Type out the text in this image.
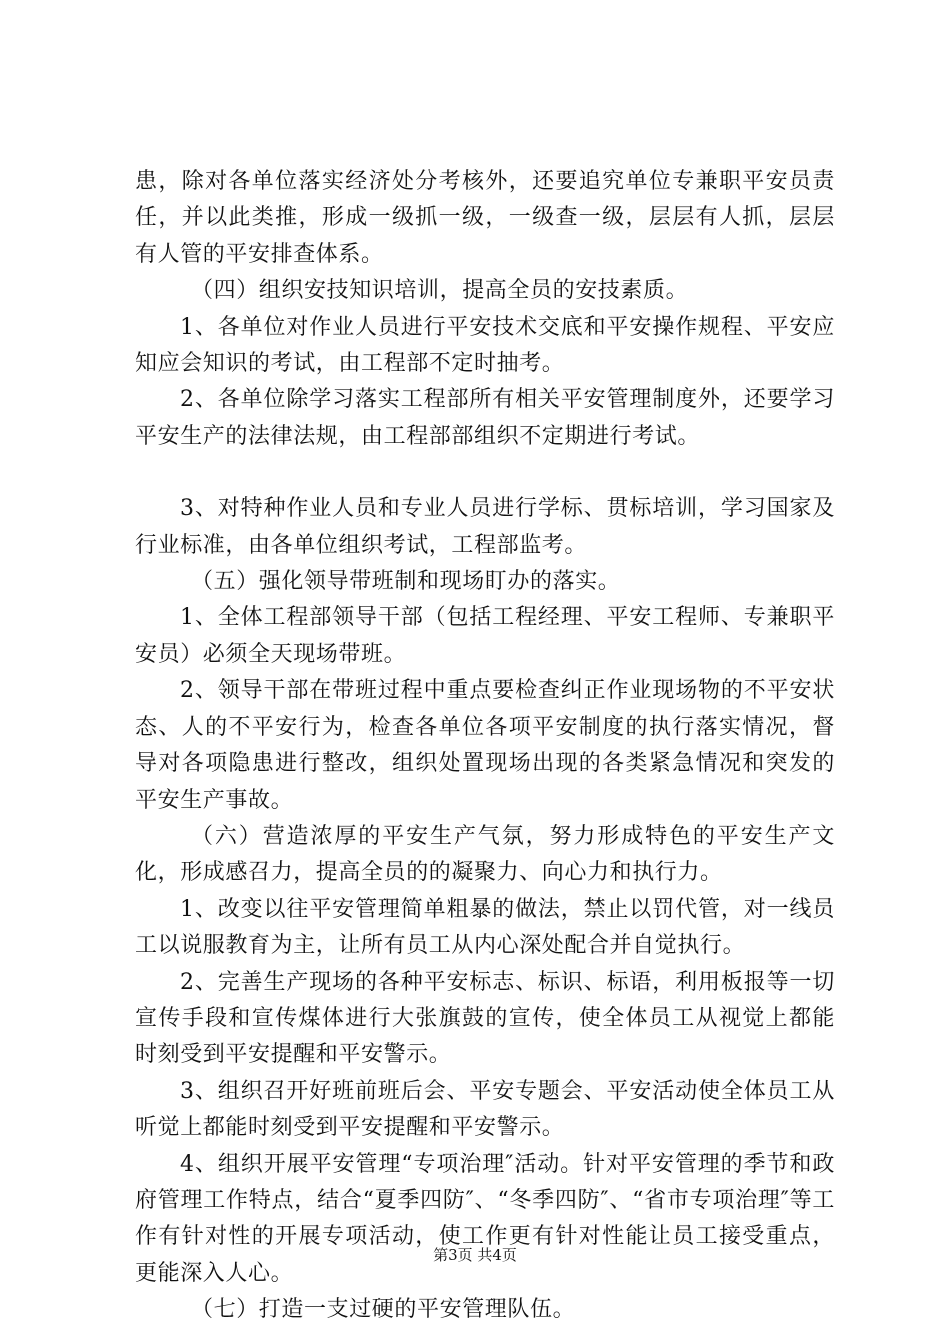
患，除对各单位落实经济处分考核外，还要追究单位专兼职平安员责任，并以此类推，形成一级抓一级，一级查一级，层层有人抓，层层有人管的平安排查体系。

（四）组织安技知识培训，提高全员的安技素质。

1、各单位对作业人员进行平安技术交底和平安操作规程、平安应知应会知识的考试，由工程部不定时抽考。

2、各单位除学习落实工程部所有相关平安管理制度外，还要学习平安生产的法律法规，由工程部部组织不定期进行考试。

3、对特种作业人员和专业人员进行学标、贯标培训，学习国家及行业标准，由各单位组织考试，工程部监考。

（五）强化领导带班制和现场盯办的落实。

1、全体工程部领导干部（包括工程经理、平安工程师、专兼职平安员）必须全天现场带班。

2、领导干部在带班过程中重点要检查纠正作业现场物的不平安状态、人的不平安行为，检查各单位各项平安制度的执行落实情况，督导对各项隐患进行整改，组织处置现场出现的各类紧急情况和突发的平安生产事故。

（六）营造浓厚的平安生产气氛，努力形成特色的平安生产文化，形成感召力，提高全员的的凝聚力、向心力和执行力。

1、改变以往平安管理简单粗暴的做法，禁止以罚代管，对一线员工以说服教育为主，让所有员工从内心深处配合并自觉执行。

2、完善生产现场的各种平安标志、标识、标语，利用板报等一切宣传手段和宣传煤体进行大张旗鼓的宣传，使全体员工从视觉上都能时刻受到平安提醒和平安警示。

3、组织召开好班前班后会、平安专题会、平安活动使全体员工从听觉上都能时刻受到平安提醒和平安警示。

4、组织开展平安管理“专项治理″活动。针对平安管理的季节和政府管理工作特点，结合“夏季四防″、“冬季四防″、“省市专项治理″等工作有针对性的开展专项活动，使工作更有针对性能让员工接受重点，更能深入人心。

（七）打造一支过硬的平安管理队伍。

第3页 共4页
